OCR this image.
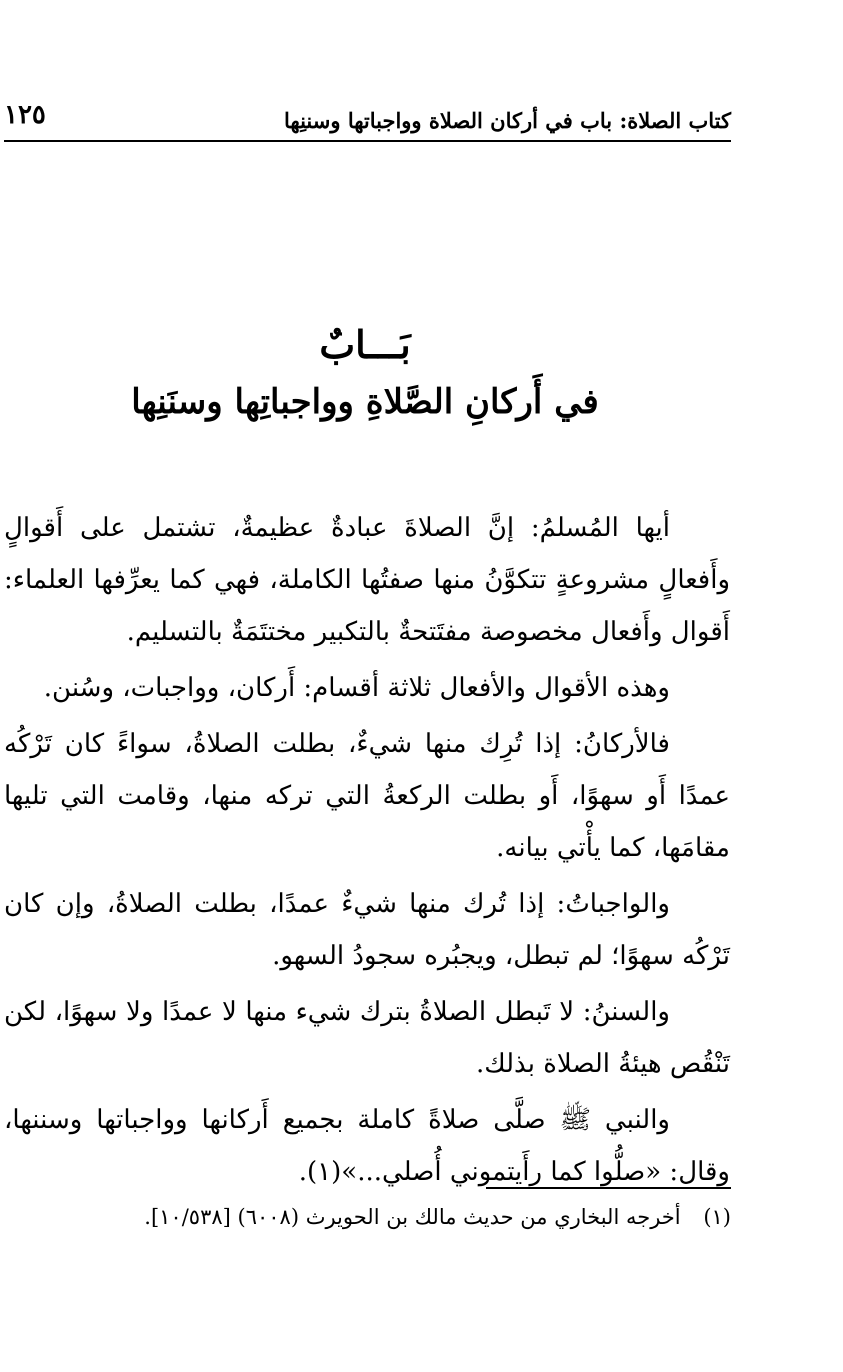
١٢٥	كتاب الصلاة: باب في أركان الصلاة وواجباتها وسننِها
بَـــابٌ
في أَركانِ الصَّلاةِ وواجباتِها وسنَنِها

أيها المُسلمُ: إنَّ الصلاةَ عبادةٌ عظيمةٌ، تشتمل على أَقوالٍ وأَفعالٍ مشروعةٍ تتكوَّنُ منها صفتُها الكاملة، فهي كما يعرِّفها العلماء: أَقوال وأَفعال مخصوصة مفتَتحةٌ بالتكبير مختتَمَةٌ بالتسليم.

وهذه الأقوال والأفعال ثلاثة أقسام: أَركان، وواجبات، وسُنن.

فالأركانُ: إذا تُرِك منها شيءٌ، بطلت الصلاةُ، سواءً كان تَرْكُه عمدًا أَو سهوًا، أَو بطلت الركعةُ التي تركه منها، وقامت التي تليها مقامَها، كما يأْتي بيانه.

والواجباتُ: إذا تُرك منها شيءٌ عمدًا، بطلت الصلاةُ، وإن كان تَرْكُه سهوًا؛ لم تبطل، ويجبُره سجودُ السهو.

والسننُ: لا تَبطل الصلاةُ بترك شيء منها لا عمدًا ولا سهوًا، لكن تَنْقُص هيئةُ الصلاة بذلك.

والنبي ﷺ صلَّى صلاةً كاملة بجميع أَركانها وواجباتها وسننها، وقال: «صلُّوا كما رأَيتموني أُصلي...»(١).

(١) أخرجه البخاري من حديث مالك بن الحويرث (٦٠٠٨) [١٠/٥٣٨].
